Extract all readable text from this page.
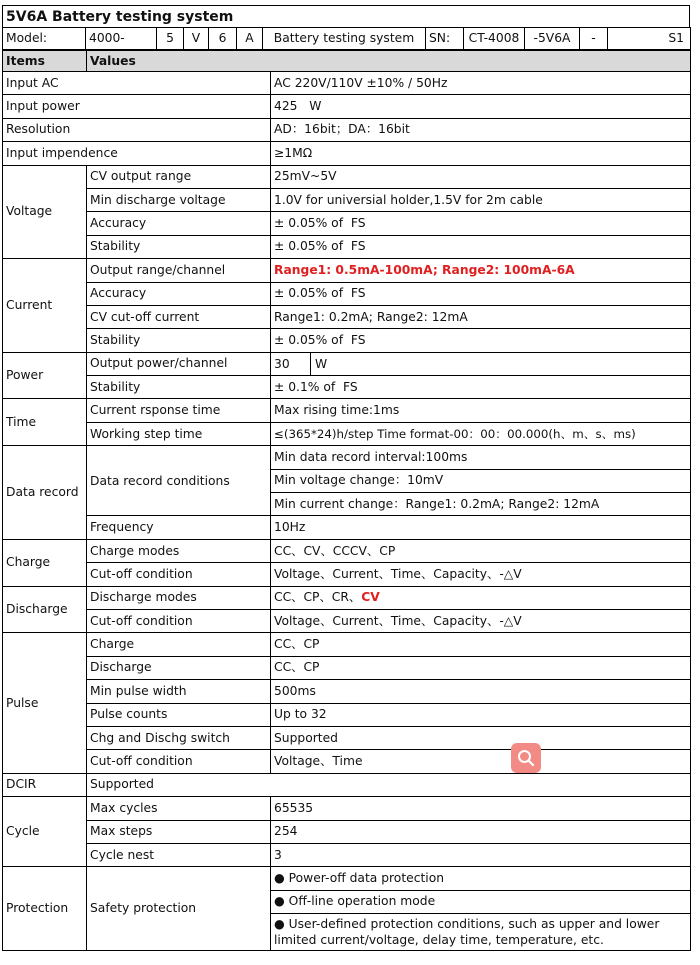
5V6A Battery testing system
Model:	4000-	5	V	6	A	Battery testing system	SN:	CT-4008	-5V6A	-	S1
Items	Values	
Input AC		AC 220V/110V ±10% / 50Hz
Input power		425   W
Resolution		AD：16bit；DA：16bit
Input impendence		≥1MΩ
Voltage	CV output range	25mV~5V
	Min discharge voltage	1.0V for universial holder,1.5V for 2m cable
	Accuracy	± 0.05% of  FS
	Stability	± 0.05% of  FS
Current	Output range/channel	Range1: 0.5mA-100mA; Range2: 100mA-6A
	Accuracy	± 0.05% of  FS
	CV cut-off current	Range1: 0.2mA; Range2: 12mA
	Stability	± 0.05% of  FS
Power	Output power/channel	30 W

	Stability	± 0.1% of  FS
Time	Current rsponse time	Max rising time:1ms
	Working step time	≤(365*24)h/step Time format-00：00：00.000(h、m、s、ms)
Data record	Data record conditions	Min data record interval:100ms
		Min voltage change：10mV
		Min current change：Range1: 0.2mA; Range2: 12mA
	Frequency	10Hz
Charge	Charge modes	CC、CV、CCCV、CP
	Cut-off condition	Voltage、Current、Time、Capacity、-△V
Discharge	Discharge modes	CC、CP、CR、CV
	Cut-off condition	Voltage、Current、Time、Capacity、-△V
Pulse	Charge	CC、CP
	Discharge	CC、CP
	Min pulse width	500ms
	Pulse counts	Up to 32
	Chg and Dischg switch	Supported
	Cut-off condition	Voltage、Time
DCIR	Supported	
Cycle	Max cycles	65535
	Max steps	254
	Cycle nest	3
Protection	Safety protection	● Power-off data protection
		● Off-line operation mode
		● User-defined protection conditions, such as upper and lower limited current/voltage, delay time, temperature, etc.
